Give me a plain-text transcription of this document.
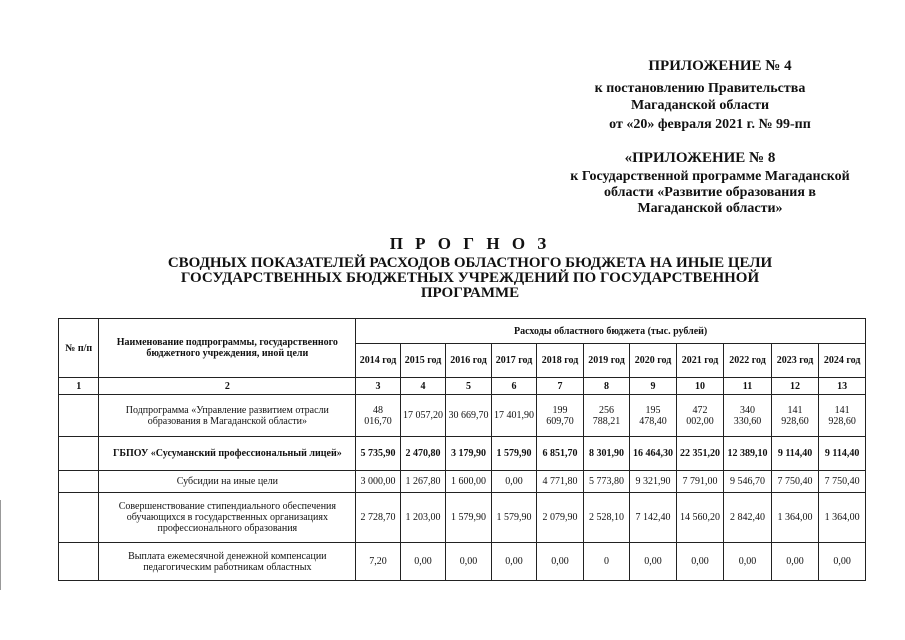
ПРИЛОЖЕНИЕ № 4
к постановлению Правительства Магаданской области
от «20» февраля 2021 г. № 99-пп
«ПРИЛОЖЕНИЕ № 8
к Государственной программе Магаданской области «Развитие образования в Магаданской области»
П Р О Г Н О З
СВОДНЫХ ПОКАЗАТЕЛЕЙ РАСХОДОВ ОБЛАСТНОГО БЮДЖЕТА НА ИНЫЕ ЦЕЛИ ГОСУДАРСТВЕННЫХ БЮДЖЕТНЫХ УЧРЕЖДЕНИЙ ПО ГОСУДАРСТВЕННОЙ ПРОГРАММЕ
№ п/п	Наименование подпрограммы, государственного бюджетного учреждения, иной цели	Расходы областного бюджета (тыс. рублей)										
		2014 год	2015 год	2016 год	2017 год	2018 год	2019 год	2020 год	2021 год	2022 год	2023 год	2024 год
1	2	3	4	5	6	7	8	9	10	11	12	13
	Подпрограмма «Управление развитием отрасли образования в Магаданской области»	48 016,70	17 057,20	30 669,70	17 401,90	199 609,70	256 788,21	195 478,40	472 002,00	340 330,60	141 928,60	141 928,60
	ГБПОУ «Сусуманский профессиональный лицей»	5 735,90	2 470,80	3 179,90	1 579,90	6 851,70	8 301,90	16 464,30	22 351,20	12 389,10	9 114,40	9 114,40
	Субсидии на иные цели	3 000,00	1 267,80	1 600,00	0,00	4 771,80	5 773,80	9 321,90	7 791,00	9 546,70	7 750,40	7 750,40
	Совершенствование стипендиального обеспечения обучающихся в государственных организациях профессионального образования	2 728,70	1 203,00	1 579,90	1 579,90	2 079,90	2 528,10	7 142,40	14 560,20	2 842,40	1 364,00	1 364,00
	Выплата ежемесячной денежной компенсации педагогическим работникам областных	7,20	0,00	0,00	0,00	0,00	0	0,00	0,00	0,00	0,00	0,00
